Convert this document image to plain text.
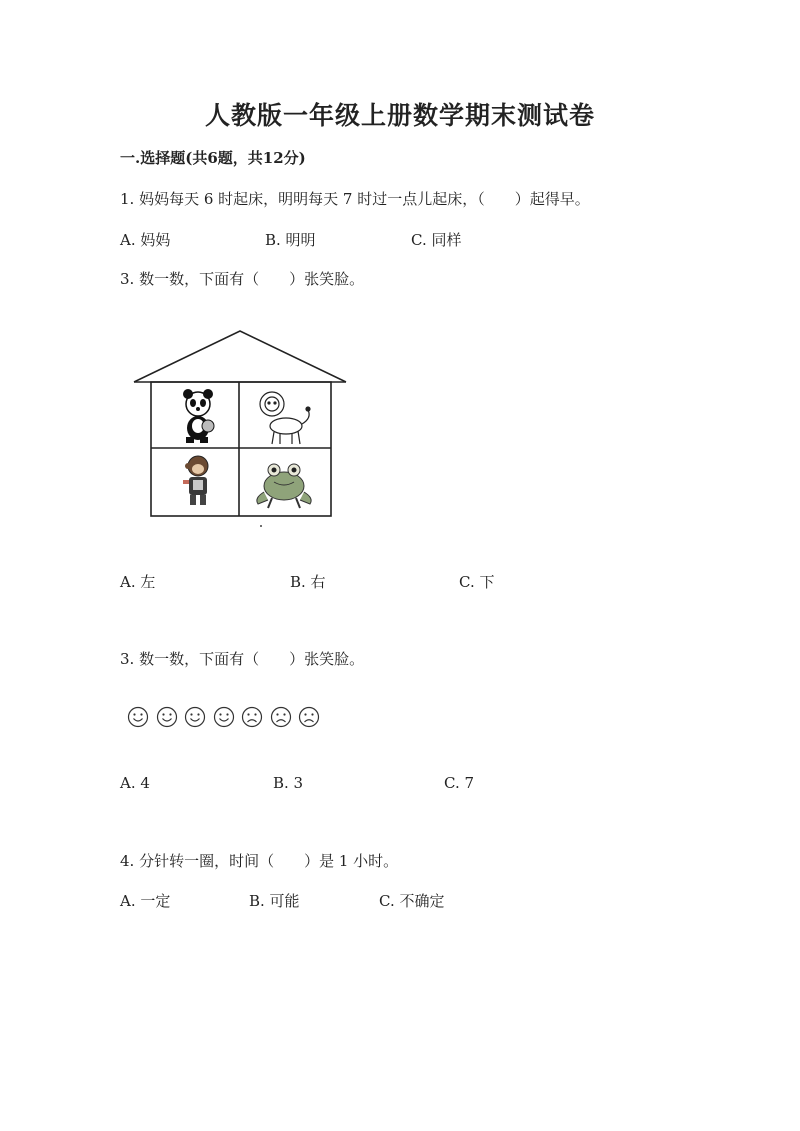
人教版一年级上册数学期末测试卷
一.选择题(共6题，共12分)
1. 妈妈每天 6 时起床，明明每天 7 时过一点儿起床，（　　）起得早。
A. 妈妈	B. 明明	C. 同样
3. 数一数，下面有（　　）张笑脸。
A. 左	B. 右	C. 下
3. 数一数，下面有（　　）张笑脸。
A. 4	B. 3	C. 7
4. 分针转一圈，时间（　　）是 1 小时。
A. 一定	B. 可能	C. 不确定
